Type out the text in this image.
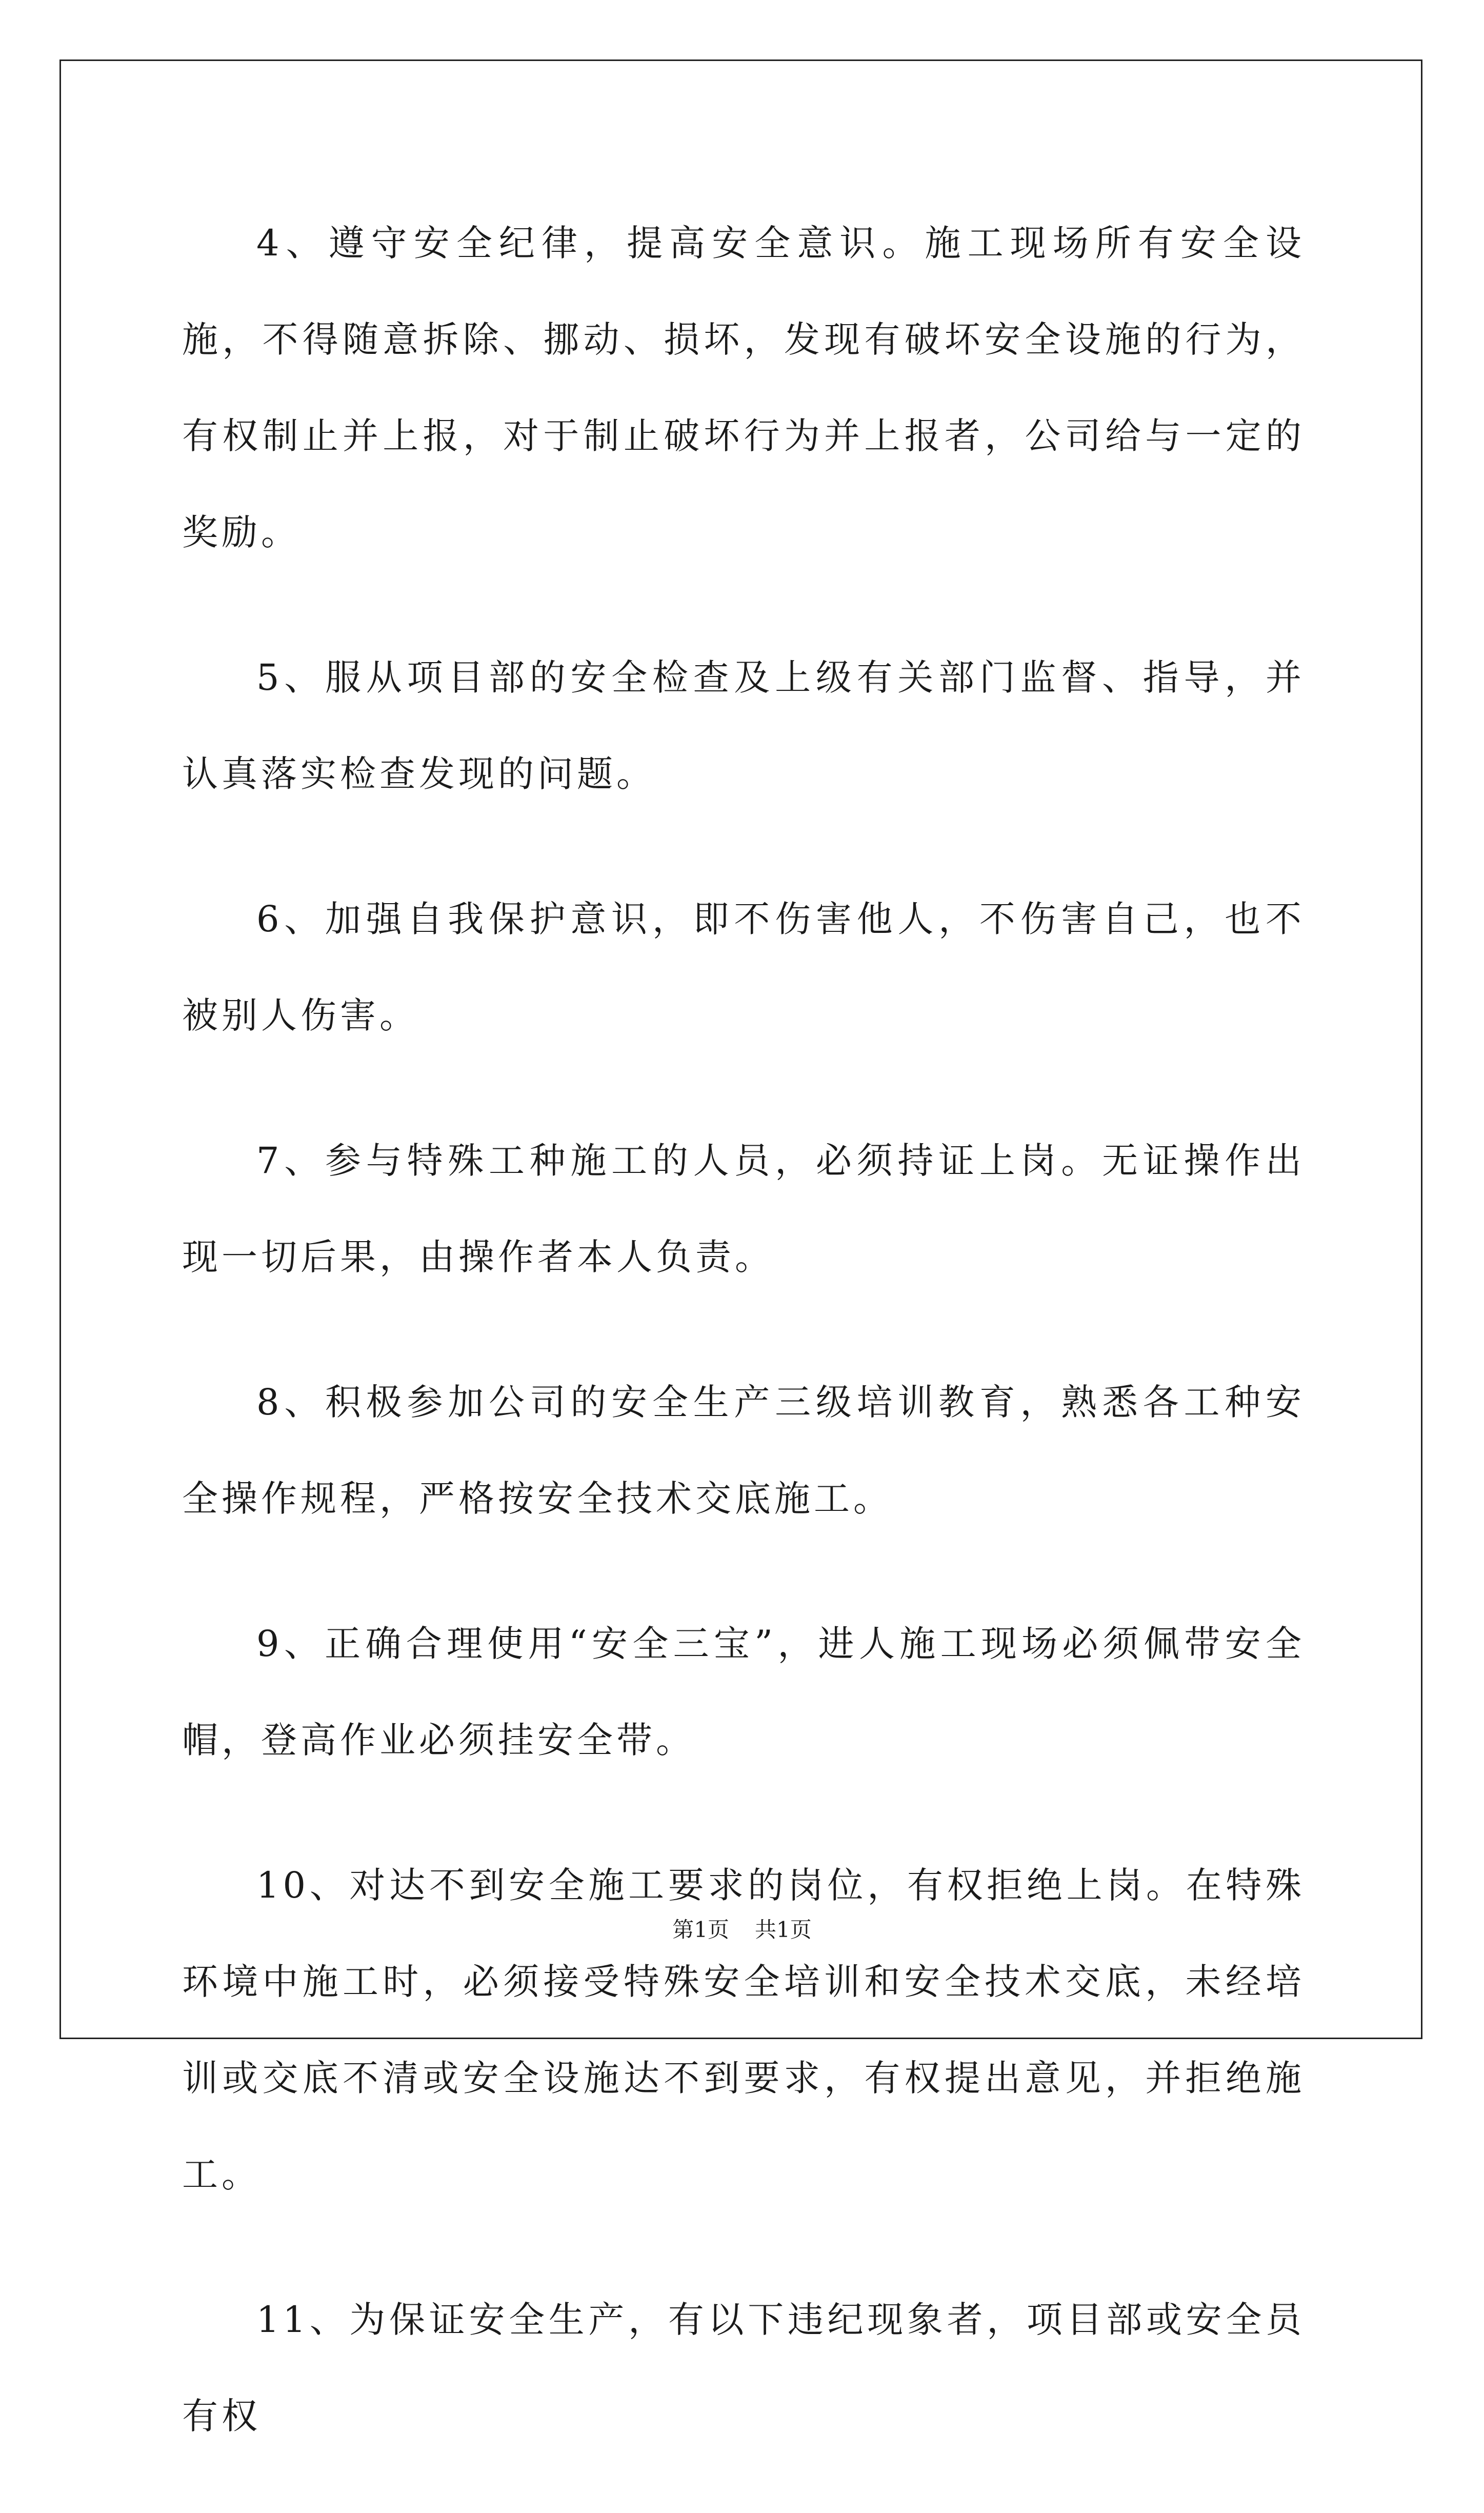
4、遵守安全纪律，提高安全意识。施工现场所有安全设施，不得随意拆除、挪动、损坏，发现有破坏安全设施的行为，有权制止并上报，对于制止破坏行为并上报者，公司给与一定的奖励。

5、服从项目部的安全检查及上级有关部门监督、指导，并认真落实检查发现的问题。

6、加强自我保护意识，即不伤害他人，不伤害自己，也不被别人伤害。

7、参与特殊工种施工的人员，必须持证上岗。无证操作出现一切后果，由操作者本人负责。

8、积极参加公司的安全生产三级培训教育，熟悉各工种安全操作规程，严格按安全技术交底施工。

9、正确合理使用“安全三宝”，进人施工现场必须佩带安全帽，登高作业必须挂安全带。

10、对达不到安全施工要求的岗位，有权拒绝上岗。在特殊环境中施工时，必须接受特殊安全培训和安全技术交底，未经培训或交底不清或安全设施达不到要求，有权提出意见，并拒绝施工。

11、为保证安全生产，有以下违纪现象者，项目部或安全员有权

第1页 共1页
